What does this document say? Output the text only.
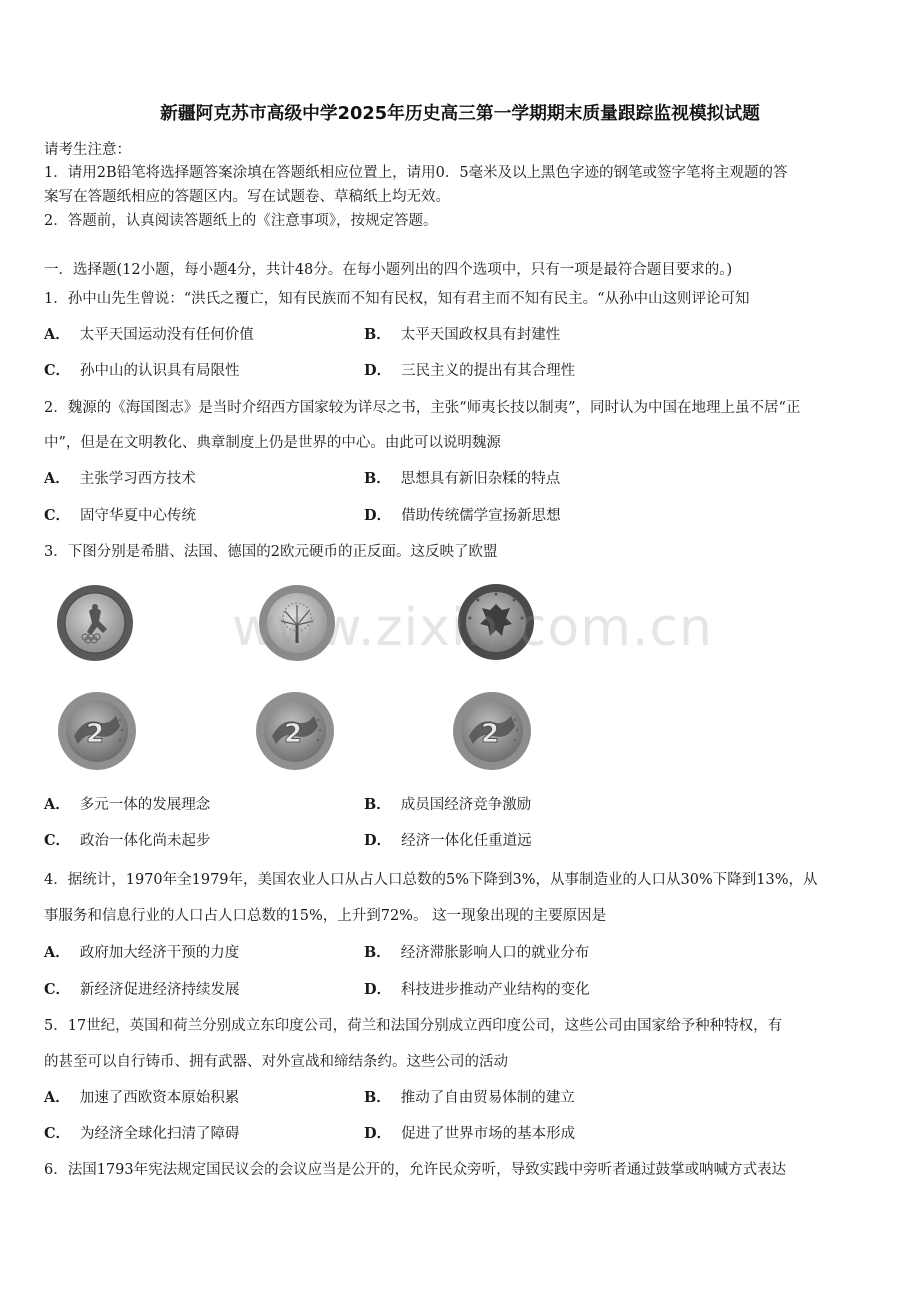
新疆阿克苏市高级中学2025年历史高三第一学期期末质量跟踪监视模拟试题
请考生注意：
1．请用2B铅笔将选择题答案涂填在答题纸相应位置上，请用0．5毫米及以上黑色字迹的钢笔或签字笔将主观题的答
案写在答题纸相应的答题区内。写在试题卷、草稿纸上均无效。
2．答题前，认真阅读答题纸上的《注意事项》，按规定答题。
一．选择题(12小题，每小题4分，共计48分。在每小题列出的四个选项中，只有一项是最符合题目要求的。)
1．孙中山先生曾说：“洪氏之覆亡，知有民族而不知有民权，知有君主而不知有民主。“从孙中山这则评论可知
A． 太平天国运动没有任何价值	B． 太平天国政权具有封建性
C． 孙中山的认识具有局限性	D． 三民主义的提出有其合理性
2．魏源的《海国图志》是当时介绍西方国家较为详尽之书，主张“师夷长技以制夷”，同时认为中国在地理上虽不居“正
中”，但是在文明教化、典章制度上仍是世界的中心。由此可以说明魏源
A． 主张学习西方技术	B． 思想具有新旧杂糅的特点
C． 固守华夏中心传统	D． 借助传统儒学宣扬新思想
3．下图分别是希腊、法国、德国的2欧元硬币的正反面。这反映了欧盟
2	2	2
www.zixin.com.cn
A． 多元一体的发展理念	B． 成员国经济竞争激励
C． 政治一体化尚未起步	D． 经济一体化任重道远
4．据统计，1970年全1979年，美国农业人口从占人口总数的5%下降到3%，从事制造业的人口从30%下降到13%，从
事服务和信息行业的人口占人口总数的15%，上升到72%。 这一现象出现的主要原因是
A． 政府加大经济干预的力度	B． 经济滞胀影响人口的就业分布
C． 新经济促进经济持续发展	D． 科技进步推动产业结构的变化
5．17世纪，英国和荷兰分别成立东印度公司，荷兰和法国分别成立西印度公司，这些公司由国家给予种种特权，有
的甚至可以自行铸币、拥有武器、对外宣战和缔结条约。这些公司的活动
A． 加速了西欧资本原始积累	B． 推动了自由贸易体制的建立
C． 为经济全球化扫清了障碍	D． 促进了世界市场的基本形成
6．法国1793年宪法规定国民议会的会议应当是公开的，允许民众旁听，导致实践中旁听者通过鼓掌或呐喊方式表达
